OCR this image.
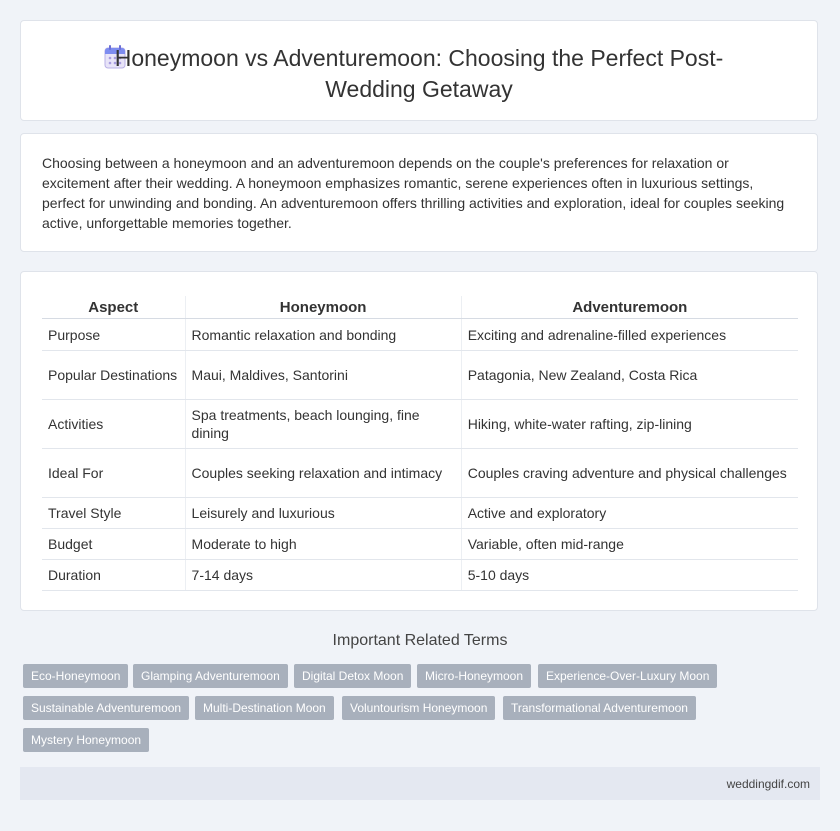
Honeymoon vs Adventuremoon: Choosing the Perfect Post-Wedding Getaway

Choosing between a honeymoon and an adventuremoon depends on the couple's preferences for relaxation or excitement after their wedding. A honeymoon emphasizes romantic, serene experiences often in luxurious settings, perfect for unwinding and bonding. An adventuremoon offers thrilling activities and exploration, ideal for couples seeking active, unforgettable memories together.

Aspect	Honeymoon	Adventuremoon
Purpose	Romantic relaxation and bonding	Exciting and adrenaline-filled experiences
Popular Destinations	Maui, Maldives, Santorini	Patagonia, New Zealand, Costa Rica
Activities	Spa treatments, beach lounging, fine dining	Hiking, white-water rafting, zip-lining
Ideal For	Couples seeking relaxation and intimacy	Couples craving adventure and physical challenges
Travel Style	Leisurely and luxurious	Active and exploratory
Budget	Moderate to high	Variable, often mid-range
Duration	7-14 days	5-10 days
Important Related Terms
Eco-Honeymoon	Glamping Adventuremoon	Digital Detox Moon	Micro-Honeymoon	Experience-Over-Luxury Moon
Sustainable Adventuremoon	Multi-Destination Moon	Voluntourism Honeymoon	Transformational Adventuremoon
Mystery Honeymoon
weddingdif.com
